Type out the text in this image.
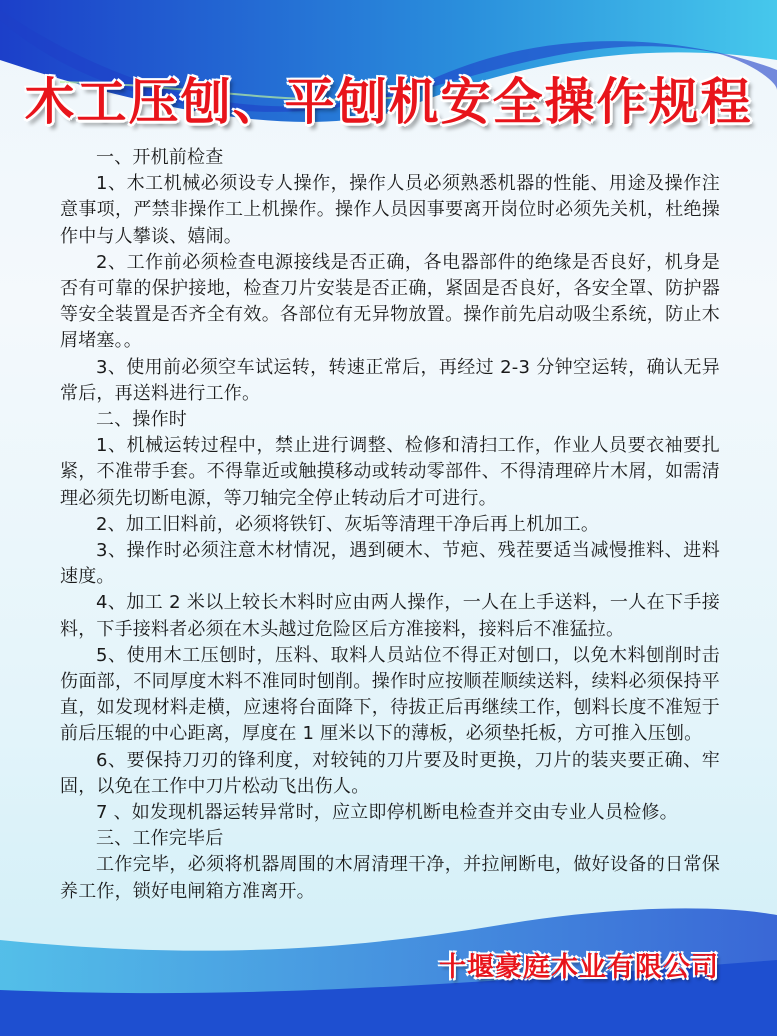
木工压刨、平刨机安全操作规程

一、开机前检查

1、木工机械必须设专人操作，操作人员必须熟悉机器的性能、用途及操作注意事项，严禁非操作工上机操作。操作人员因事要离开岗位时必须先关机，杜绝操作中与人攀谈、嬉闹。

2、工作前必须检查电源接线是否正确，各电器部件的绝缘是否良好，机身是否有可靠的保护接地，检查刀片安装是否正确，紧固是否良好，各安全罩、防护器等安全装置是否齐全有效。各部位有无异物放置。操作前先启动吸尘系统，防止木屑堵塞。。

3、使用前必须空车试运转，转速正常后，再经过 2-3 分钟空运转，确认无异常后，再送料进行工作。

二、操作时

1、机械运转过程中，禁止进行调整、检修和清扫工作，作业人员要衣袖要扎紧，不准带手套。不得靠近或触摸移动或转动零部件、不得清理碎片木屑，如需清理必须先切断电源，等刀轴完全停止转动后才可进行。

2、加工旧料前，必须将铁钉、灰垢等清理干净后再上机加工。

3、操作时必须注意木材情况，遇到硬木、节疤、残茬要适当减慢推料、进料速度。

4、加工 2 米以上较长木料时应由两人操作，一人在上手送料，一人在下手接料，下手接料者必须在木头越过危险区后方准接料，接料后不准猛拉。

5、使用木工压刨时，压料、取料人员站位不得正对刨口，以免木料刨削时击伤面部，不同厚度木料不准同时刨削。操作时应按顺茬顺续送料，续料必须保持平直，如发现材料走横，应速将台面降下，待拔正后再继续工作，刨料长度不准短于前后压辊的中心距离，厚度在 1 厘米以下的薄板，必须垫托板，方可推入压刨。

6、要保持刀刃的锋利度，对较钝的刀片要及时更换，刀片的装夹要正确、牢固，以免在工作中刀片松动飞出伤人。

7 、如发现机器运转异常时，应立即停机断电检查并交由专业人员检修。

三、工作完毕后

工作完毕，必须将机器周围的木屑清理干净，并拉闸断电，做好设备的日常保养工作，锁好电闸箱方准离开。

十堰豪庭木业有限公司
